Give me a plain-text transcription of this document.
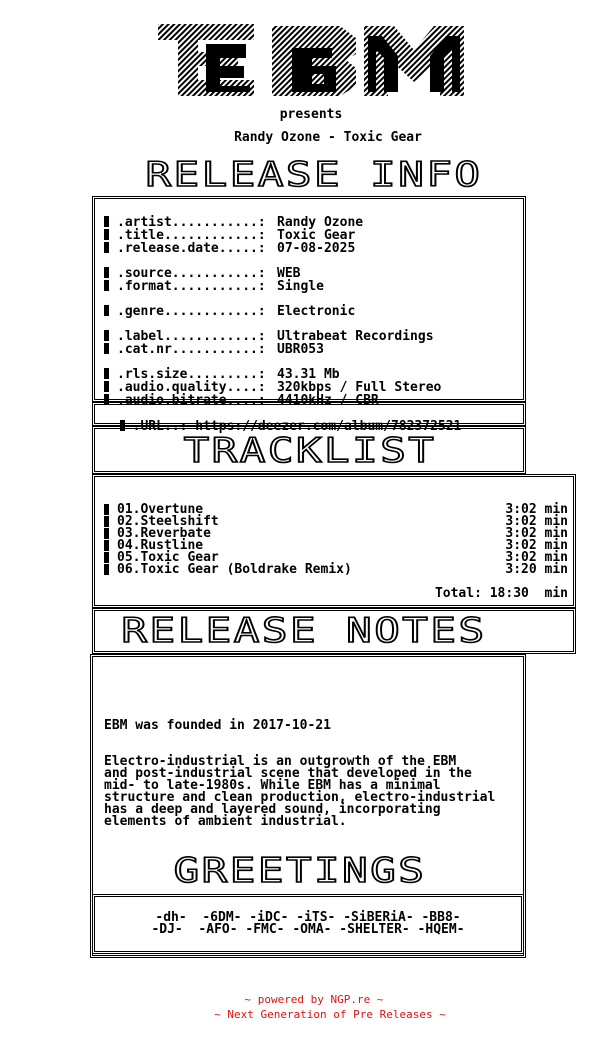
presents
Randy Ozone - Toxic Gear
RELEASE INFO
.artist...........: Randy Ozone
.title............: Toxic Gear
.release.date.....: 07-08-2025
.source...........: WEB
.format...........: Single
.genre............: Electronic
.label............: Ultrabeat Recordings
.cat.nr...........: UBR053
.rls.size.........: 43.31 Mb
.audio.quality....: 320kbps / Full Stereo
.audio.bitrate....: 4410kHz / CBR

.URL..: https://deezer.com/album/782372521

TRACKLIST
01.Overtune	3:02 min
02.Steelshift	3:02 min
03.Reverbate	3:02 min
04.Rustline	3:02 min
05.Toxic Gear	3:02 min
06.Toxic Gear (Boldrake Remix)	3:20 min
Total: 18:30  min
RELEASE NOTES
EBM was founded in 2017-10-21
Electro-industrial is an outgrowth of the EBM
and post-industrial scene that developed in the
mid- to late-1980s. While EBM has a minimal
structure and clean production, electro-industrial
has a deep and layered sound, incorporating
elements of ambient industrial.
GREETINGS
-dh-  -6DM- -iDC- -iTS- -SiBERiA- -BB8-
-DJ-  -AFO- -FMC- -OMA- -SHELTER- -HQEM-
~ powered by NGP.re ~
~ Next Generation of Pre Releases ~
